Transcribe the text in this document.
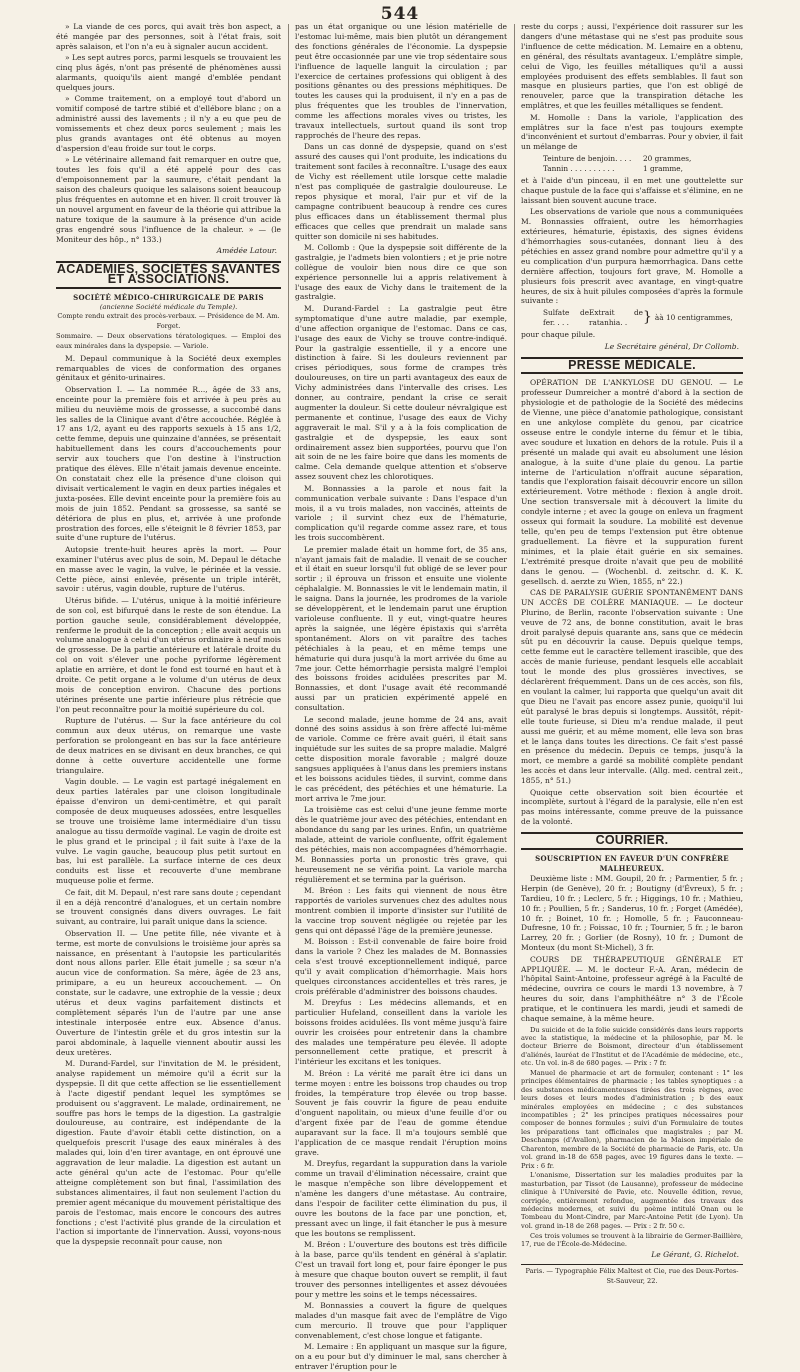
544

» La viande de ces porcs, qui avait très bon aspect, a été mangée par des personnes, soit à l'état frais, soit après salaison, et l'on n'a eu à signaler aucun accident.

» Les sept autres porcs, parmi lesquels se trouvaient les cinq plus âgés, n'ont pas présenté de phénomènes aussi alarmants, quoiqu'ils aient mangé d'emblée pendant quelques jours.

» Comme traitement, on a employé tout d'abord un vomitif composé de tartre stibié et d'ellébore blanc ; on a administré aussi des lavements ; il n'y a eu que peu de vomissements et chez deux porcs seulement ; mais les plus grands avantages ont été obtenus au moyen d'aspersion d'eau froide sur tout le corps.

» Le vétérinaire allemand fait remarquer en outre que, toutes les fois qu'il a été appelé pour des cas d'empoisonnement par la saumure, c'était pendant la saison des chaleurs quoique les salaisons soient beaucoup plus fréquentes en automne et en hiver. Il croit trouver là un nouvel argument en faveur de la théorie qui attribue la nature toxique de la saumure à la présence d'un acide gras engendré sous l'influence de la chaleur. » — (le Moniteur des hôp., n° 133.)

Amédée Latour.

ACADÉMIES, SOCIÉTÉS SAVANTES ET ASSOCIATIONS.
SOCIÉTÉ MÉDICO-CHIRURGICALE DE PARIS
(ancienne Société médicale du Temple).
Compte rendu extrait des procès-verbaux. — Présidence de M. Am. Forget.

Sommaire. — Deux observations tératologiques. — Emploi des eaux minérales dans la dyspepsie. — Variole.

M. Depaul communique à la Société deux exemples remarquables de vices de conformation des organes génitaux et génito-urinaires.

Observation I. — La nommée R..., âgée de 33 ans, enceinte pour la première fois et arrivée à peu près au milieu du neuvième mois de grossesse, a succombé dans les salles de la Clinique avant d'être accouchée. Réglée à 17 ans 1/2, ayant eu des rapports sexuels à 15 ans 1/2, cette femme, depuis une quinzaine d'années, se présentait habituellement dans les cours d'accouchements pour servir aux touchers que l'on destine à l'instruction pratique des élèves. Elle n'était jamais devenue enceinte. On constatait chez elle la présence d'une cloison qui divisait verticalement le vagin en deux parties inégales et juxta-posées. Elle devint enceinte pour la première fois au mois de juin 1852. Pendant sa grossesse, sa santé se détériora de plus en plus, et, arrivée à une profonde prostration des forces, elle s'éteignit le 8 février 1853, par suite d'une rupture de l'utérus.

Autopsie trente-huit heures après la mort. — Pour examiner l'utérus avec plus de soin, M. Depaul le détache en masse avec le vagin, la vulve, le périnée et la vessie. Cette pièce, ainsi enlevée, présente un triple intérêt, savoir : utérus, vagin double, rupture de l'utérus.

Utérus bifide. — L'utérus, unique à la moitié inférieure de son col, est bifurqué dans le reste de son étendue. La portion gauche seule, considérablement développée, renferme le produit de la conception ; elle avait acquis un volume analogue à celui d'un utérus ordinaire à neuf mois de grossesse. De la partie antérieure et latérale droite du col on voit s'élever une poche pyriforme légèrement aplatie en arrière, et dont le fond est tourné en haut et à droite. Ce petit organe a le volume d'un utérus de deux mois de conception environ. Chacune des portions utérines présente une partie inférieure plus rétrécie que l'on peut reconnaître pour la moitié supérieure du col.

Rupture de l'utérus. — Sur la face antérieure du col commun aux deux utérus, on remarque une vaste perforation se prolongeant en bas sur la face antérieure de deux matrices en se divisant en deux branches, ce qui donne à cette ouverture accidentelle une forme triangulaire.

Vagin double. — Le vagin est partagé inégalement en deux parties latérales par une cloison longitudinale épaisse d'environ un demi-centimètre, et qui paraît composée de deux muqueuses adossées, entre lesquelles se trouve une troisième lame intermédiaire d'un tissu analogue au tissu dermoïde vaginal. Le vagin de droite est le plus grand et le principal ; il fait suite à l'axe de la vulve. Le vagin gauche, beaucoup plus petit surtout en bas, lui est parallèle. La surface interne de ces deux conduits est lisse et recouverte d'une membrane muqueuse polie et ferme.

Ce fait, dit M. Depaul, n'est rare sans doute ; cependant il en a déjà rencontré d'analogues, et un certain nombre se trouvent consignés dans divers ouvrages. Le fait suivant, au contraire, lui paraît unique dans la science.

Observation II. — Une petite fille, née vivante et à terme, est morte de convulsions le troisième jour après sa naissance, en présentant à l'autopsie les particularités dont nous allons parler. Elle était jumelle ; sa sœur n'a aucun vice de conformation. Sa mère, âgée de 23 ans, primipare, a eu un heureux accouchement. — On constate, sur le cadavre, une extrophie de la vessie ; deux utérus et deux vagins parfaitement distincts et complètement séparés l'un de l'autre par une anse intestinale interposée entre eux. Absence d'anus. Ouverture de l'intestin grêle et du gros intestin sur la paroi abdominale, à laquelle viennent aboutir aussi les deux uretères.

M. Durand-Fardel, sur l'invitation de M. le président, analyse rapidement un mémoire qu'il a écrit sur la dyspepsie. Il dit que cette affection se lie essentiellement à l'acte digestif pendant lequel les symptômes se produisent ou s'aggravent. Le malade, ordinairement, ne souffre pas hors le temps de la digestion. La gastralgie douloureuse, au contraire, est indépendante de la digestion. Faute d'avoir établi cette distinction, on a quelquefois prescrit l'usage des eaux minérales à des malades qui, loin d'en tirer avantage, en ont éprouvé une aggravation de leur maladie. La digestion est autant un acte général qu'un acte de l'estomac. Pour qu'elle atteigne complètement son but final, l'assimilation des substances alimentaires, il faut non seulement l'action du premier agent mécanique du mouvement péristaltique des parois de l'estomac, mais encore le concours des autres fonctions ; c'est l'activité plus grande de la circulation et l'action si importante de l'innervation. Aussi, voyons-nous que la dyspepsie reconnaît pour cause, non

pas un état organique ou une lésion matérielle de l'estomac lui-même, mais bien plutôt un dérangement des fonctions générales de l'économie. La dyspepsie peut être occasionnée par une vie trop sédentaire sous l'influence de laquelle languit la circulation ; par l'exercice de certaines professions qui obligent à des positions gênantes ou des pressions méphitiques. De toutes les causes qui la produisent, il n'y en a pas de plus fréquentes que les troubles de l'innervation, comme les affections morales vives ou tristes, les travaux intellectuels, surtout quand ils sont trop rapprochés de l'heure des repas.

Dans un cas donné de dyspepsie, quand on s'est assuré des causes qui l'ont produite, les indications du traitement sont faciles à reconnaître. L'usage des eaux de Vichy est réellement utile lorsque cette maladie n'est pas compliquée de gastralgie douloureuse. Le repos physique et moral, l'air pur et vif de la campagne contribuent beaucoup à rendre ces cures plus efficaces dans un établissement thermal plus efficaces que celles que prendrait un malade sans quitter son domicile ni ses habitudes.

M. Collomb : Que la dyspepsie soit différente de la gastralgie, je l'admets bien volontiers ; et je prie notre collègue de vouloir bien nous dire ce que son expérience personnelle lui a appris relativement à l'usage des eaux de Vichy dans le traitement de la gastralgie.

M. Durand-Fardel : La gastralgie peut être symptomatique d'une autre maladie, par exemple, d'une affection organique de l'estomac. Dans ce cas, l'usage des eaux de Vichy se trouve contre-indiqué. Pour la gastralgie essentielle, il y a encore une distinction à faire. Si les douleurs reviennent par crises périodiques, sous forme de crampes très douloureuses, on tire un parti avantageux des eaux de Vichy administrées dans l'intervalle des crises. Les donner, au contraire, pendant la crise ce serait augmenter la douleur. Si cette douleur névralgique est permanente et continue, l'usage des eaux de Vichy aggraverait le mal. S'il y a à la fois complication de gastralgie et de dyspepsie, les eaux sont ordinairement assez bien supportées, pourvu que l'on ait soin de ne les faire boire que dans les moments de calme. Cela demande quelque attention et s'observe assez souvent chez les chlorotiques.

M. Bonnassies a la parole et nous fait la communication verbale suivante : Dans l'espace d'un mois, il a vu trois malades, non vaccinés, atteints de variole ; il survint chez eux de l'hématurie, complication qu'il regarde comme assez rare, et tous les trois succombèrent.

Le premier malade était un homme fort, de 35 ans, n'ayant jamais fait de maladie. Il venait de se coucher et il était en sueur lorsqu'il fut obligé de se lever pour sortir ; il éprouva un frisson et ensuite une violente céphalalgie. M. Bonnassies le vit le lendemain matin, il le saigna. Dans la journée, les prodromes de la variole se développèrent, et le lendemain parut une éruption varioleuse confluente. Il y eut, vingt-quatre heures après la saignée, une légère épistaxis qui s'arrêta spontanément. Alors on vit paraître des taches pétéchiales à la peau, et en même temps une hématurie qui dura jusqu'à la mort arrivée du 6me au 7me jour. Cette hémorrhagie persista malgré l'emploi des boissons froides acidulées prescrites par M. Bonnassies, et dont l'usage avait été recommandé aussi par un praticien expérimenté appelé en consultation.

Le second malade, jeune homme de 24 ans, avait donné des soins assidus à son frère affecté lui-même de variole. Comme ce frère avait guéri, il était sans inquiétude sur les suites de sa propre maladie. Malgré cette disposition morale favorable ; malgré douze sangsues appliquées à l'anus dans les premiers instans et les boissons acidules tièdes, il survint, comme dans le cas précédent, des pétéchies et une hématurie. La mort arriva le 7me jour.

La troisième cas est celui d'une jeune femme morte dès le quatrième jour avec des pétéchies, entendant en abondance du sang par les urines. Enfin, un quatrième malade, atteint de variole confluente, offrit également des pétéchies, mais non accompagnées d'hémorrhagie. M. Bonnassies porta un pronostic très grave, qui heureusement ne se vérifia point. La variole marcha régulièrement et se termina par la guérison.

M. Bréon : Les faits qui viennent de nous être rapportés de varioles survenues chez des adultes nous montrent combien il importe d'insister sur l'utilité de la vaccine trop souvent négligée ou rejetée par les gens qui ont dépassé l'âge de la première jeunesse.

M. Boisson : Est-il convenable de faire boire froid dans la variole ? Chez les malades de M. Bonnassies cela s'est trouvé exceptionnellement indiqué, parce qu'il y avait complication d'hémorrhagie. Mais hors quelques circonstances accidentelles et très rares, je crois préférable d'administrer des boissons chaudes.

M. Dreyfus : Les médecins allemands, et en particulier Hufeland, conseillent dans la variole les boissons froides acidulées. Ils vont même jusqu'à faire ouvrir les croisées pour entretenir dans la chambre des malades une température peu élevée. Il adopte personnellement cette pratique, et prescrit à l'intérieur les excitans et les toniques.

M. Bréon : La vérité me paraît être ici dans un terme moyen : entre les boissons trop chaudes ou trop froides, la température trop élevée ou trop basse. Souvent je fais couvrir la figure de peau enduite d'onguent napolitain, ou mieux d'une feuille d'or ou d'argent fixée par de l'eau de gomme étendue auparavant sur la face. Il m'a toujours semblé que l'application de ce masque rendait l'éruption moins grave.

M. Dreyfus, regardant la suppuration dans la variole comme un travail d'élimination nécessaire, craint que le masque n'empêche son libre développement et n'amène les dangers d'une métastase. Au contraire, dans l'espoir de faciliter cette élimination du pus, il ouvre les boutons de la face par une ponction, et, pressant avec un linge, il fait étancher le pus à mesure que les boutons se remplissent.

M. Bréon : L'ouverture des boutons est très difficile à la base, parce qu'ils tendent en général à s'aplatir. C'est un travail fort long et, pour faire éponger le pus à mesure que chaque bouton ouvert se remplit, il faut trouver des personnes intelligentes et assez dévouées pour y mettre les soins et le temps nécessaires.

M. Bonnassies a couvert la figure de quelques malades d'un masque fait avec de l'emplâtre de Vigo cum mercurio. Il trouve que pour l'appliquer convenablement, c'est chose longue et fatigante.

M. Lemaire : En appliquant un masque sur la figure, on a eu pour but d'y diminuer le mal, sans chercher à entraver l'éruption pour le

reste du corps ; aussi, l'expérience doit rassurer sur les dangers d'une métastase qui ne s'est pas produite sous l'influence de cette médication. M. Lemaire en a obtenu, en général, des résultats avantageux. L'emplâtre simple, celui de Vigo, les feuilles métalliques qu'il a aussi employées produisent des effets semblables. Il faut son masque en plusieurs parties, que l'on est obligé de renouveler, parce que la transpiration détache les emplâtres, et que les feuilles métalliques se fendent.

M. Homolle : Dans la variole, l'application des emplâtres sur la face n'est pas toujours exempte d'inconvénient et surtout d'embarras. Pour y obvier, il fait un mélange de

Teinture de benjoin. . . .	20 grammes,
Tannin . . . . . . . . . .	1 gramme,

et à l'aide d'un pinceau, il en met une gouttelette sur chaque pustule de la face qui s'affaisse et s'élimine, en ne laissant bien souvent aucune trace.

Les observations de variole que nous a communiquées M. Bonnassies offraient, outre les hémorrhagies extérieures, hématurie, épistaxis, des signes évidens d'hémorrhagies sous-cutanées, donnant lieu à des pétéchies en assez grand nombre pour admettre qu'il y a eu complication d'un purpura hæmorrhagica. Dans cette dernière affection, toujours fort grave, M. Homolle a plusieurs fois prescrit avec avantage, en vingt-quatre heures, de six à huit pilules composées d'après la formule suivante :

Sulfate de fer. . . .
Extrait de ratanhia. .	} àà 10 centigrammes,

pour chaque pilule.

Le Secrétaire général, Dr Collomb.

PRESSE MÉDICALE.

OPÉRATION DE L'ANKYLOSE DU GENOU. — Le professeur Dumreicher a montré d'abord à la section de physiologie et de pathologie de la Société des médecins de Vienne, une pièce d'anatomie pathologique, consistant en une ankylose complète du genou, par cicatrice osseuse entre le condyle interne du fémur et le tibia, avec soudure et luxation en dehors de la rotule. Puis il a présenté un malade qui avait eu absolument une lésion analogue, à la suite d'une plaie du genou. La partie interne de l'articulation n'offrait aucune séparation, tandis que l'exploration faisait découvrir encore un sillon extérieurement. Votre méthode : flexion à angle droit. Une section transversale mit à découvert la limite du condyle interne ; et avec la gouge on enleva un fragment osseux qui formait la soudure. La mobilité est devenue telle, qu'en peu de temps l'extension put être obtenue graduellement. La fièvre et la suppuration furent minimes, et la plaie était guérie en six semaines. L'extrémité presque droite n'avait que peu de mobilité dans le genou. — (Wochenbl. d. zeitschr. d. K. K. gesellsch. d. aerzte zu Wien, 1855, n° 22.)

CAS DE PARALYSIE GUÉRIE SPONTANÉMENT DANS UN ACCÈS DE COLÈRE MANIAQUE. — Le docteur Plurino, de Berlin, raconte l'observation suivante : Une veuve de 72 ans, de bonne constitution, avait le bras droit paralysé depuis quarante ans, sans que ce médecin sût pu en découvrir la cause. Depuis quelque temps, cette femme eut le caractère tellement irascible, que des accès de manie furieuse, pendant lesquels elle accablait tout le monde des plus grossières invectives, se déclarèrent fréquemment. Dans un de ces accès, son fils, en voulant la calmer, lui rapporta que quelqu'un avait dit que Dieu ne l'avait pas encore assez punie, quoiqu'il lui eût paralysé le bras depuis si longtemps. Aussitôt, répit-elle toute furieuse, si Dieu m'a rendue malade, il peut aussi me guérir, et au même moment, elle leva son bras et le lança dans toutes les directions. Ce fait s'est passé en présence du médecin. Depuis ce temps, jusqu'à la mort, ce membre a gardé sa mobilité complète pendant les accès et dans leur intervalle. (Allg. med. central zeit., 1855, n° 51.)

Quoique cette observation soit bien écourtée et incomplète, surtout à l'égard de la paralysie, elle n'en est pas moins intéressante, comme preuve de la puissance de la volonté.

COURRIER.
SOUSCRIPTION EN FAVEUR D'UN CONFRÈRE MALHEUREUX.

Deuxième liste : MM. Goupil, 20 fr. ; Parmentier, 5 fr. ; Herpin (de Genève), 20 fr. ; Boutigny (d'Évreux), 5 fr. ; Tardieu, 10 fr. ; Leclerc, 5 fr. ; Higgings, 10 fr. ; Mathieu, 10 fr. ; Poullien, 5 fr. ; Sanderus, 10 fr. ; Forget (Amédée), 10 fr. ; Boinet, 10 fr. ; Homolle, 5 fr. ; Fauconneau-Dufresne, 10 fr. ; Foissac, 10 fr. ; Tournier, 5 fr. ; le baron Larrey, 20 fr. ; Gorlier (de Rosny), 10 fr. ; Dumont de Monteux (du mont St-Michel), 3 fr.

COURS DE THÉRAPEUTIQUE GÉNÉRALE ET APPLIQUÉE. — M. le docteur F.-A. Aran, médecin de l'hôpital Saint-Antoine, professeur agrégé à la Faculté de médecine, ouvrira ce cours le mardi 13 novembre, à 7 heures du soir, dans l'amphithéâtre n° 3 de l'École pratique, et le continuera les mardi, jeudi et samedi de chaque semaine, à la même heure.

Du suicide et de la folie suicide considérés dans leurs rapports avec la statistique, la médecine et la philosophie, par M. le docteur Brierre de Boismont, directeur d'un établissement d'aliénés, lauréat de l'Institut et de l'Académie de médecine, etc., etc. Un vol. in-8 de 680 pages. — Prix : 7 fr.

Manuel de pharmacie et art de formuler, contenant : 1° les principes élémentaires de pharmacie ; les tables synoptiques : a des substances médicamenteuses tirées des trois règnes, avec leurs doses et leurs modes d'administration ; b des eaux minérales employées en médecine ; c des substances incompatibles ; 2° les principes pratiques nécessaires pour composer de bonnes formules ; suivi d'un Formulaire de toutes les préparations tant officinales que magistrales ; par M. Deschamps (d'Avallon), pharmacien de la Maison impériale de Charenton, membre de la Société de pharmacie de Paris, etc. Un vol. grand in-18 de 658 pages, avec 19 figures dans le texte. — Prix : 6 fr.

L'onanisme, Dissertation sur les maladies produites par la masturbation, par Tissot (de Lausanne), professeur de médecine clinique à l'Université de Pavie, etc. Nouvelle édition, revue, corrigée, entièrement refondue, augmentée des travaux des médecins modernes, et suivi du poème intitulé Onan ou le Tombeau du Mont-Cindre, par Marc-Antoine Petit (de Lyon). Un vol. grand in-18 de 268 pages. — Prix : 2 fr. 50 c.

Ces trois volumes se trouvent à la librairie de Germer-Baillière, 17, rue de l'École-de-Médecine.

Le Gérant, G. Richelot.

Paris. — Typographie Félix Maltest et Cie, rue des Deux-Portes-St-Sauveur, 22.
